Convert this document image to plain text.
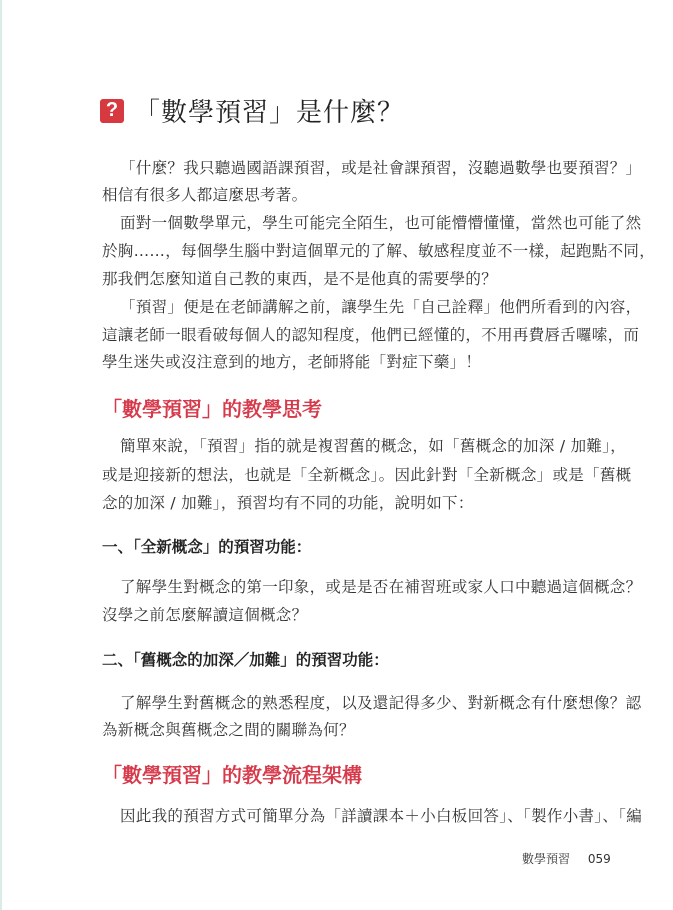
? 「數學預習」是什麼？
「什麼？我只聽過國語課預習，或是社會課預習，沒聽過數學也要預習？」
相信有很多人都這麼思考著。
面對一個數學單元，學生可能完全陌生，也可能懵懵懂懂，當然也可能了然
於胸……，每個學生腦中對這個單元的了解、敏感程度並不一樣，起跑點不同，
那我們怎麼知道自己教的東西，是不是他真的需要學的？
「預習」便是在老師講解之前，讓學生先「自己詮釋」他們所看到的內容，
這讓老師一眼看破每個人的認知程度，他們已經懂的，不用再費唇舌囉嗦，而
學生迷失或沒注意到的地方，老師將能「對症下藥」！
「數學預習」的教學思考
簡單來說，「預習」指的就是複習舊的概念，如「舊概念的加深 / 加難」，
或是迎接新的想法，也就是「全新概念」。因此針對「全新概念」或是「舊概
念的加深 / 加難」，預習均有不同的功能，說明如下：
一、「全新概念」的預習功能：
了解學生對概念的第一印象，或是是否在補習班或家人口中聽過這個概念？
沒學之前怎麼解讀這個概念？
二、「舊概念的加深／加難」的預習功能：
了解學生對舊概念的熟悉程度，以及還記得多少、對新概念有什麼想像？認
為新概念與舊概念之間的關聯為何？
「數學預習」的教學流程架構
因此我的預習方式可簡單分為「詳讀課本＋小白板回答」、「製作小書」、「編
數學預習 059
